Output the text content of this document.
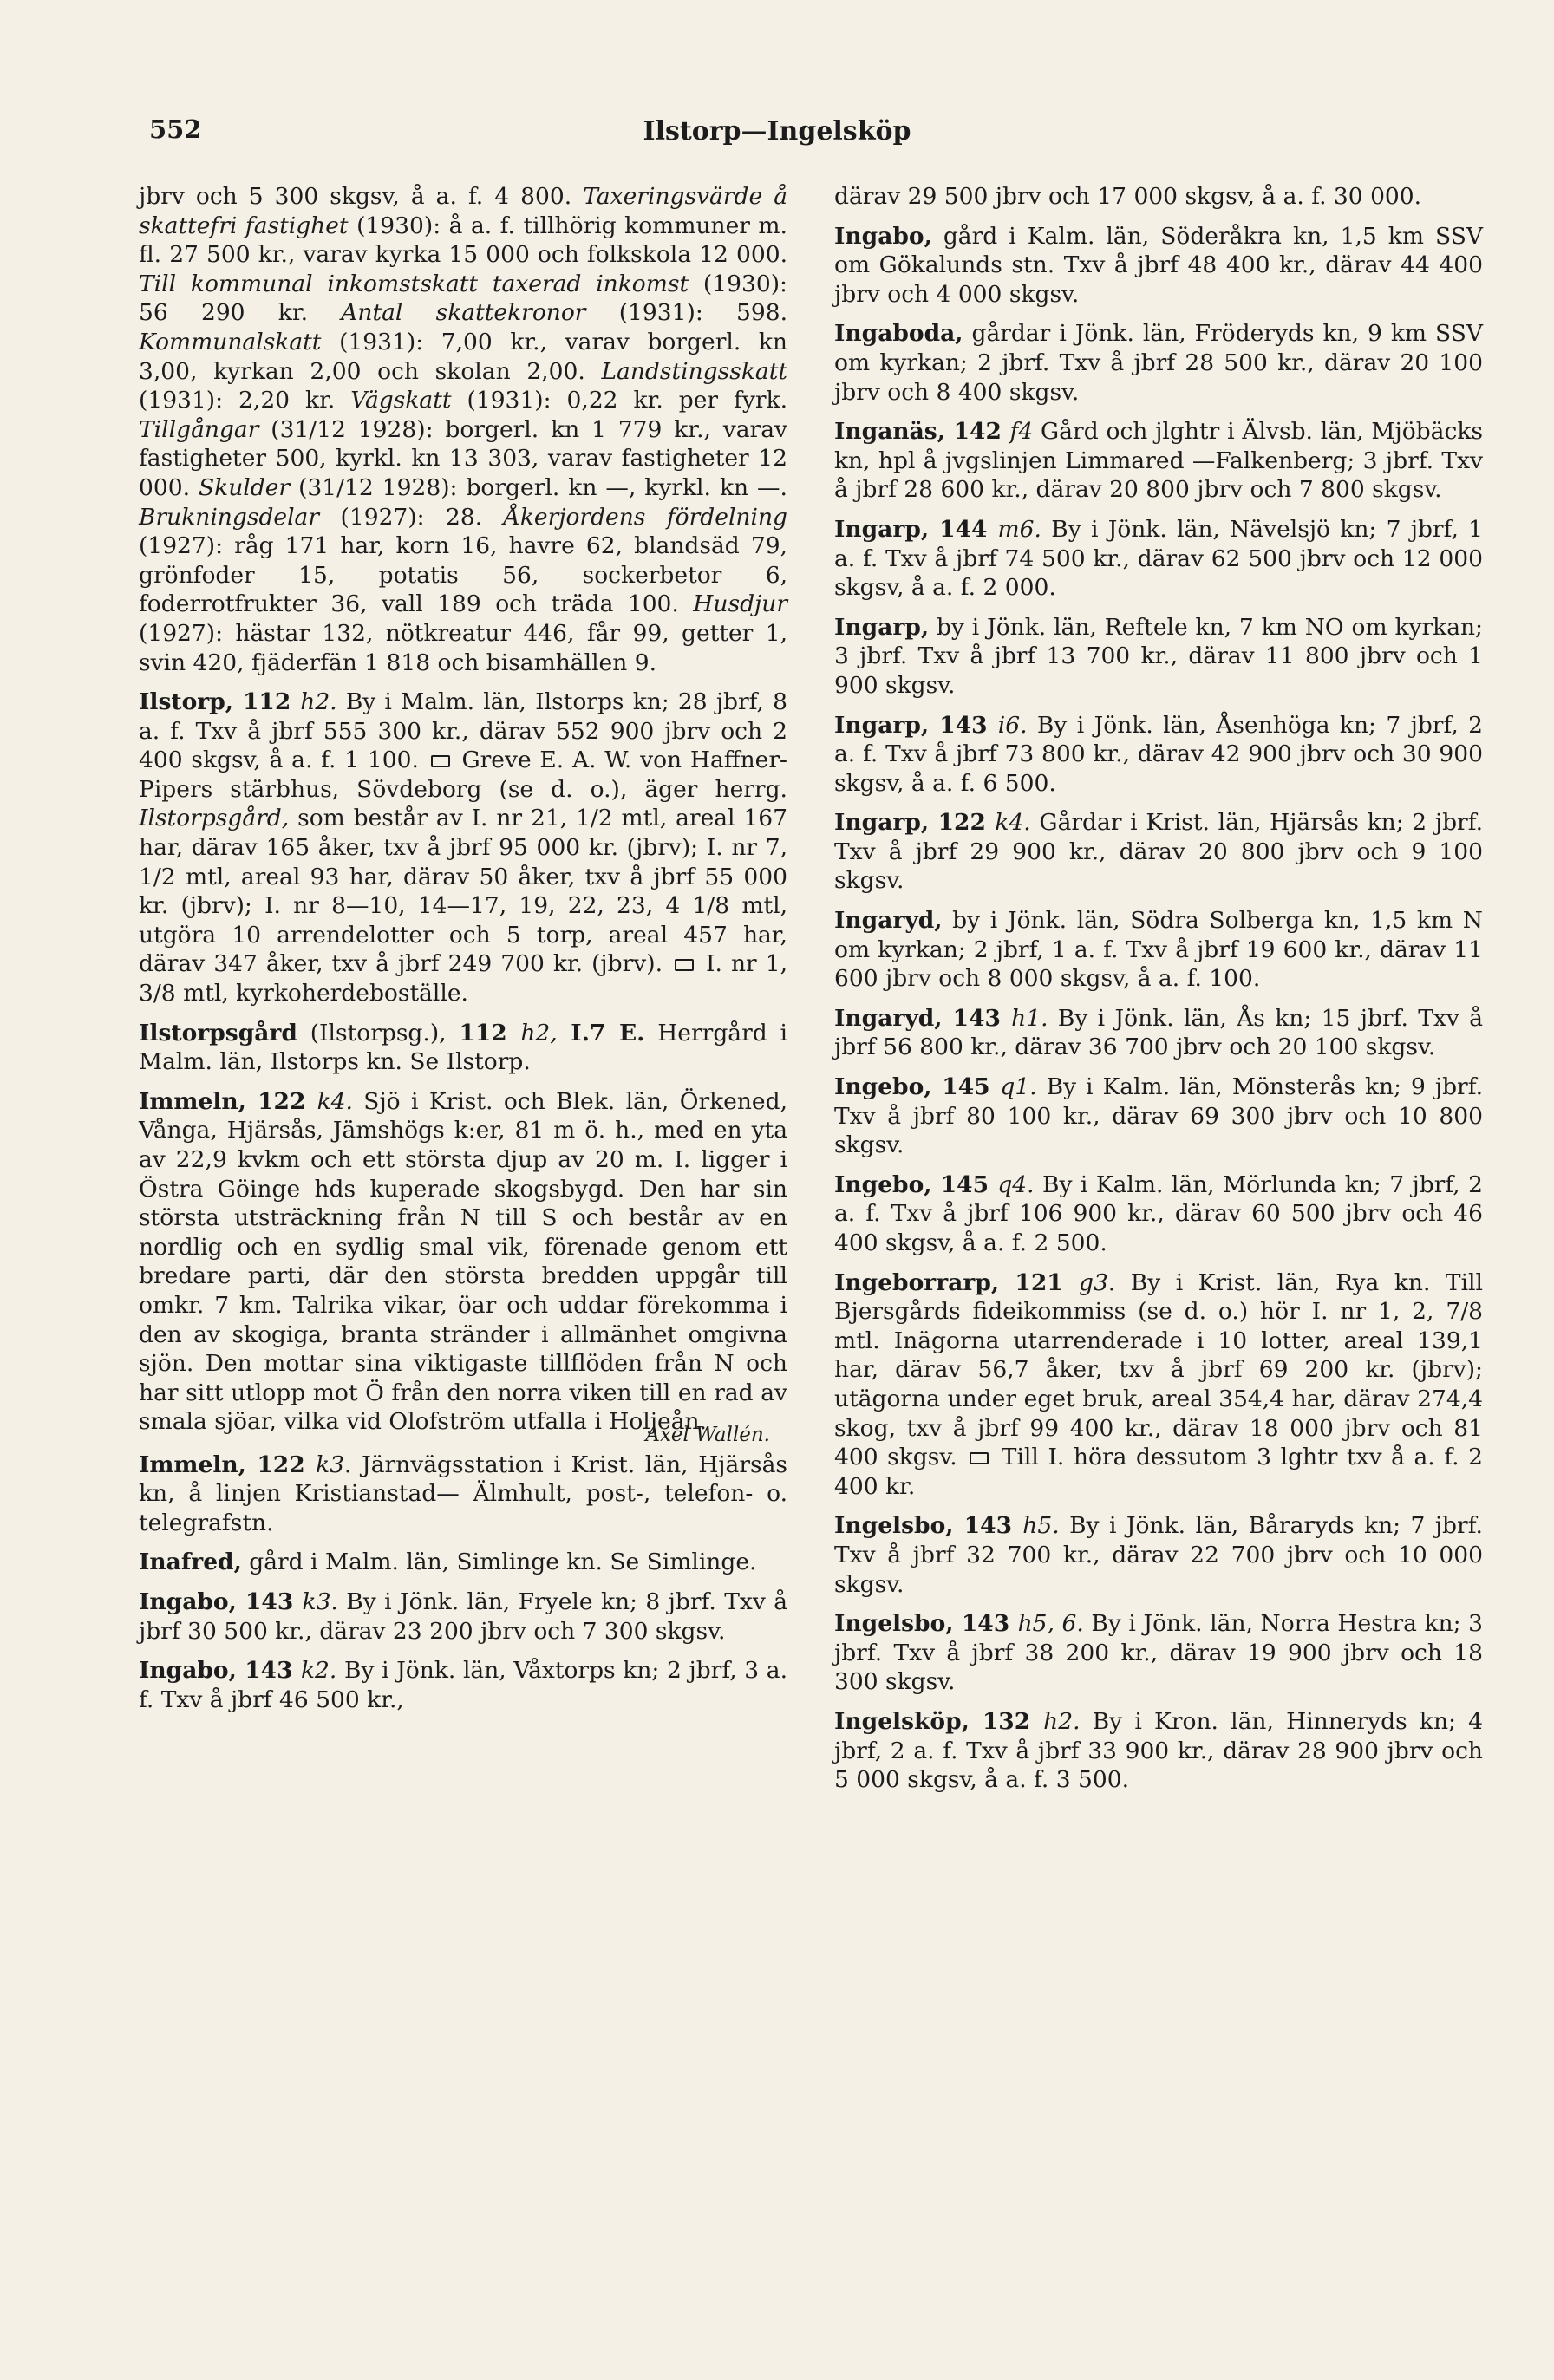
552	Ilstorp—Ingelsköp

jbrv och 5 300 skgsv, å a. f. 4 800. Taxeringsvärde å skattefri fastighet (1930): å a. f. tillhörig kommuner m. fl. 27 500 kr., varav kyrka 15 000 och folkskola 12 000. Till kommunal inkomstskatt taxerad inkomst (1930): 56 290 kr. Antal skattekronor (1931): 598. Kommunalskatt (1931): 7,00 kr., varav borgerl. kn 3,00, kyrkan 2,00 och skolan 2,00. Landstingsskatt (1931): 2,20 kr. Vägskatt (1931): 0,22 kr. per fyrk. Tillgångar (31/12 1928): borgerl. kn 1 779 kr., varav fastigheter 500, kyrkl. kn 13 303, varav fastigheter 12 000. Skulder (31/12 1928): borgerl. kn —, kyrkl. kn —. Brukningsdelar (1927): 28. Åkerjordens fördelning (1927): råg 171 har, korn 16, havre 62, blandsäd 79, grönfoder 15, potatis 56, sockerbetor 6, foderrotfrukter 36, vall 189 och träda 100. Husdjur (1927): hästar 132, nötkreatur 446, får 99, getter 1, svin 420, fjäderfän 1 818 och bisamhällen 9.

Ilstorp, 112 h2. By i Malm. län, Ilstorps kn; 28 jbrf, 8 a. f. Txv å jbrf 555 300 kr., därav 552 900 jbrv och 2 400 skgsv, å a. f. 1 100.  Greve E. A. W. von Haffner-Pipers stärbhus, Sövdeborg (se d. o.), äger herrg. Ilstorpsgård, som består av I. nr 21, 1/2 mtl, areal 167 har, därav 165 åker, txv å jbrf 95 000 kr. (jbrv); I. nr 7, 1/2 mtl, areal 93 har, därav 50 åker, txv å jbrf 55 000 kr. (jbrv); I. nr 8—10, 14—17, 19, 22, 23, 4 1/8 mtl, utgöra 10 arrendelotter och 5 torp, areal 457 har, därav 347 åker, txv å jbrf 249 700 kr. (jbrv).  I. nr 1, 3/8 mtl, kyrkoherdeboställe.

Ilstorpsgård (Ilstorpsg.), 112 h2, I.7 E. Herrgård i Malm. län, Ilstorps kn. Se Ilstorp.

Immeln, 122 k4. Sjö i Krist. och Blek. län, Örkened, Vånga, Hjärsås, Jämshögs k:er, 81 m ö. h., med en yta av 22,9 kvkm och ett största djup av 20 m. I. ligger i Östra Göinge hds kuperade skogsbygd. Den har sin största utsträckning från N till S och består av en nordlig och en sydlig smal vik, förenade genom ett bredare parti, där den största bredden uppgår till omkr. 7 km. Talrika vikar, öar och uddar förekomma i den av skogiga, branta stränder i allmänhet omgivna sjön. Den mottar sina viktigaste tillflöden från N och har sitt utlopp mot Ö från den norra viken till en rad av smala sjöar, vilka vid Olofström utfalla i Holjeån.

Axel Wallén.

Immeln, 122 k3. Järnvägsstation i Krist. län, Hjärsås kn, å linjen Kristianstad— Älmhult, post-, telefon- o. telegrafstn.

Inafred, gård i Malm. län, Simlinge kn. Se Simlinge.

Ingabo, 143 k3. By i Jönk. län, Fryele kn; 8 jbrf. Txv å jbrf 30 500 kr., därav 23 200 jbrv och 7 300 skgsv.

Ingabo, 143 k2. By i Jönk. län, Våxtorps kn; 2 jbrf, 3 a. f. Txv å jbrf 46 500 kr.,

därav 29 500 jbrv och 17 000 skgsv, å a. f. 30 000.

Ingabo, gård i Kalm. län, Söderåkra kn, 1,5 km SSV om Gökalunds stn. Txv å jbrf 48 400 kr., därav 44 400 jbrv och 4 000 skgsv.

Ingaboda, gårdar i Jönk. län, Fröderyds kn, 9 km SSV om kyrkan; 2 jbrf. Txv å jbrf 28 500 kr., därav 20 100 jbrv och 8 400 skgsv.

Inganäs, 142 f4 Gård och jlghtr i Älvsb. län, Mjöbäcks kn, hpl å jvgslinjen Limmared —Falkenberg; 3 jbrf. Txv å jbrf 28 600 kr., därav 20 800 jbrv och 7 800 skgsv.

Ingarp, 144 m6. By i Jönk. län, Nävelsjö kn; 7 jbrf, 1 a. f. Txv å jbrf 74 500 kr., därav 62 500 jbrv och 12 000 skgsv, å a. f. 2 000.

Ingarp, by i Jönk. län, Reftele kn, 7 km NO om kyrkan; 3 jbrf. Txv å jbrf 13 700 kr., därav 11 800 jbrv och 1 900 skgsv.

Ingarp, 143 i6. By i Jönk. län, Åsenhöga kn; 7 jbrf, 2 a. f. Txv å jbrf 73 800 kr., därav 42 900 jbrv och 30 900 skgsv, å a. f. 6 500.

Ingarp, 122 k4. Gårdar i Krist. län, Hjärsås kn; 2 jbrf. Txv å jbrf 29 900 kr., därav 20 800 jbrv och 9 100 skgsv.

Ingaryd, by i Jönk. län, Södra Solberga kn, 1,5 km N om kyrkan; 2 jbrf, 1 a. f. Txv å jbrf 19 600 kr., därav 11 600 jbrv och 8 000 skgsv, å a. f. 100.

Ingaryd, 143 h1. By i Jönk. län, Ås kn; 15 jbrf. Txv å jbrf 56 800 kr., därav 36 700 jbrv och 20 100 skgsv.

Ingebo, 145 q1. By i Kalm. län, Mönsterås kn; 9 jbrf. Txv å jbrf 80 100 kr., därav 69 300 jbrv och 10 800 skgsv.

Ingebo, 145 q4. By i Kalm. län, Mörlunda kn; 7 jbrf, 2 a. f. Txv å jbrf 106 900 kr., därav 60 500 jbrv och 46 400 skgsv, å a. f. 2 500.

Ingeborrarp, 121 g3. By i Krist. län, Rya kn. Till Bjersgårds fideikommiss (se d. o.) hör I. nr 1, 2, 7/8 mtl. Inägorna utarrenderade i 10 lotter, areal 139,1 har, därav 56,7 åker, txv å jbrf 69 200 kr. (jbrv); utägorna under eget bruk, areal 354,4 har, därav 274,4 skog, txv å jbrf 99 400 kr., därav 18 000 jbrv och 81 400 skgsv.  Till I. höra dessutom 3 lghtr txv å a. f. 2 400 kr.

Ingelsbo, 143 h5. By i Jönk. län, Båraryds kn; 7 jbrf. Txv å jbrf 32 700 kr., därav 22 700 jbrv och 10 000 skgsv.

Ingelsbo, 143 h5, 6. By i Jönk. län, Norra Hestra kn; 3 jbrf. Txv å jbrf 38 200 kr., därav 19 900 jbrv och 18 300 skgsv.

Ingelsköp, 132 h2. By i Kron. län, Hinneryds kn; 4 jbrf, 2 a. f. Txv å jbrf 33 900 kr., därav 28 900 jbrv och 5 000 skgsv, å a. f. 3 500.
